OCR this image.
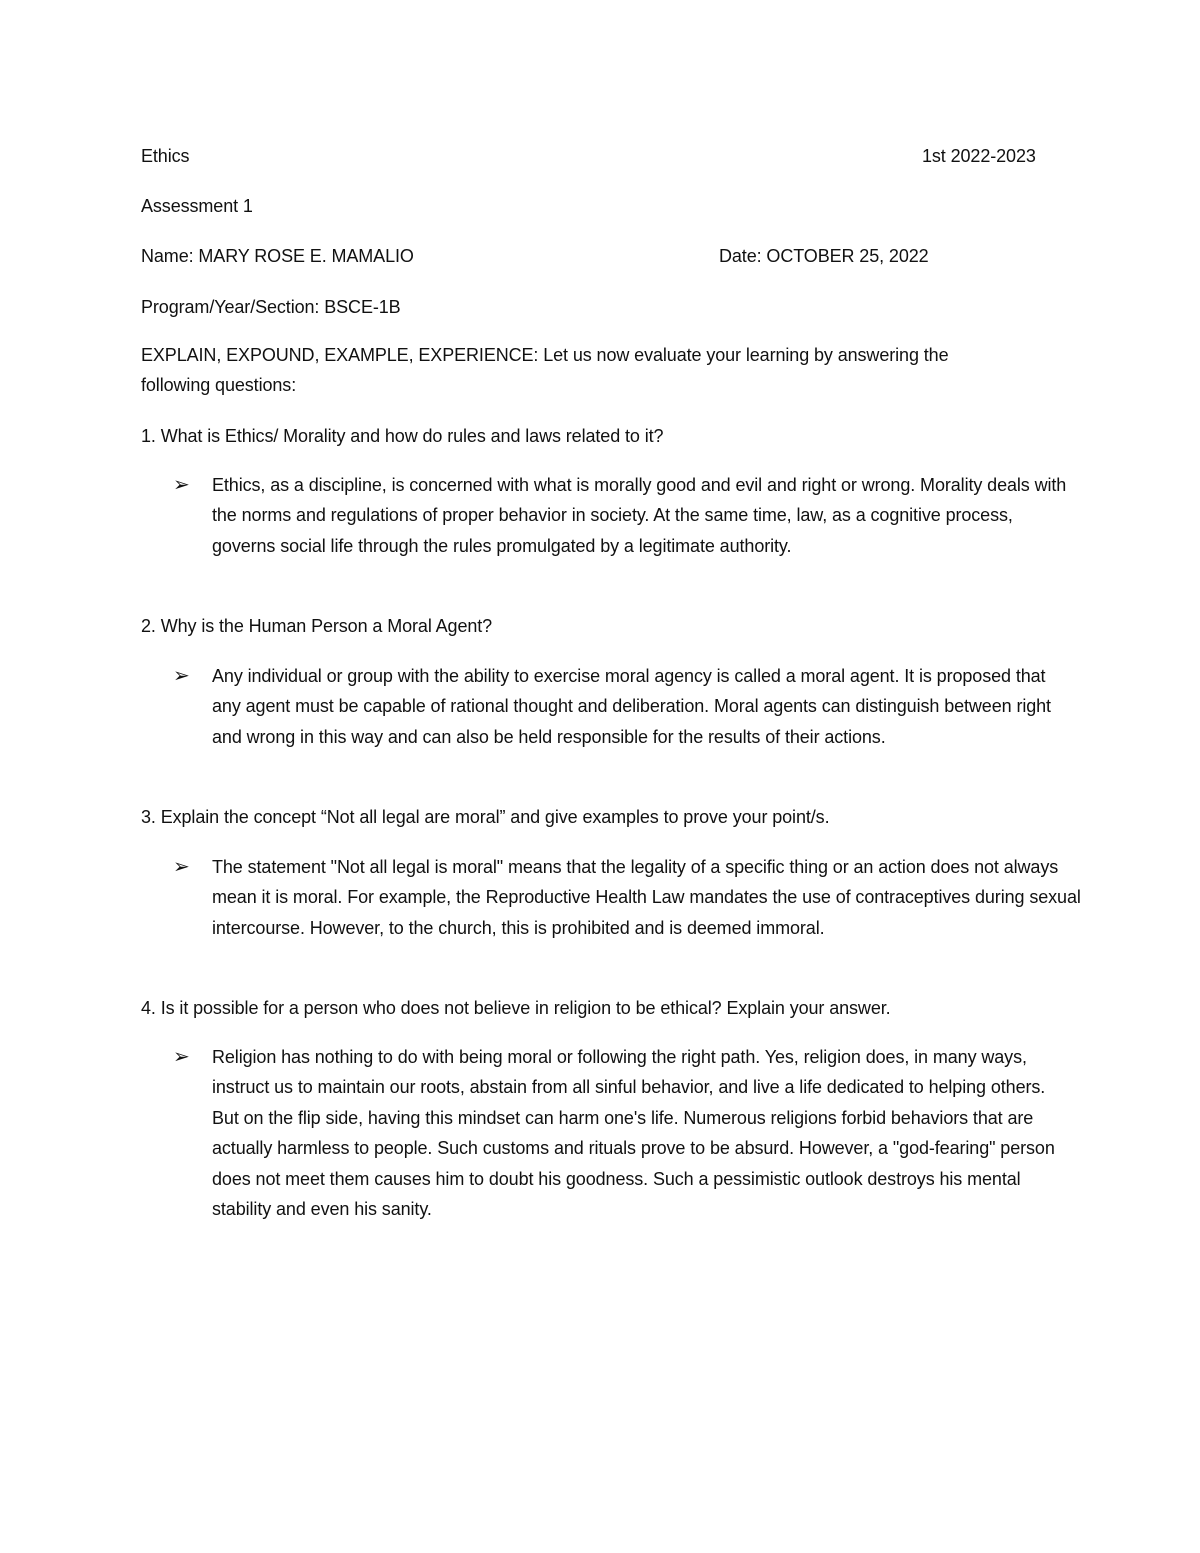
Ethics	1st 2022-2023
Assessment 1
Name: MARY ROSE E. MAMALIO	Date: OCTOBER 25, 2022
Program/Year/Section: BSCE-1B
EXPLAIN, EXPOUND, EXAMPLE, EXPERIENCE: Let us now evaluate your learning by answering the following questions:
1. What is Ethics/ Morality and how do rules and laws related to it?
➢ Ethics, as a discipline, is concerned with what is morally good and evil and right or wrong. Morality deals with the norms and regulations of proper behavior in society. At the same time, law, as a cognitive process, governs social life through the rules promulgated by a legitimate authority.
2. Why is the Human Person a Moral Agent?
➢ Any individual or group with the ability to exercise moral agency is called a moral agent. It is proposed that any agent must be capable of rational thought and deliberation. Moral agents can distinguish between right and wrong in this way and can also be held responsible for the results of their actions.
3. Explain the concept “Not all legal are moral” and give examples to prove your point/s.
➢ The statement "Not all legal is moral" means that the legality of a specific thing or an action does not always mean it is moral. For example, the Reproductive Health Law mandates the use of contraceptives during sexual intercourse. However, to the church, this is prohibited and is deemed immoral.
4. Is it possible for a person who does not believe in religion to be ethical? Explain your answer.
➢ Religion has nothing to do with being moral or following the right path. Yes, religion does, in many ways, instruct us to maintain our roots, abstain from all sinful behavior, and live a life dedicated to helping others. But on the flip side, having this mindset can harm one's life. Numerous religions forbid behaviors that are actually harmless to people. Such customs and rituals prove to be absurd. However, a "god-fearing" person does not meet them causes him to doubt his goodness. Such a pessimistic outlook destroys his mental stability and even his sanity.
